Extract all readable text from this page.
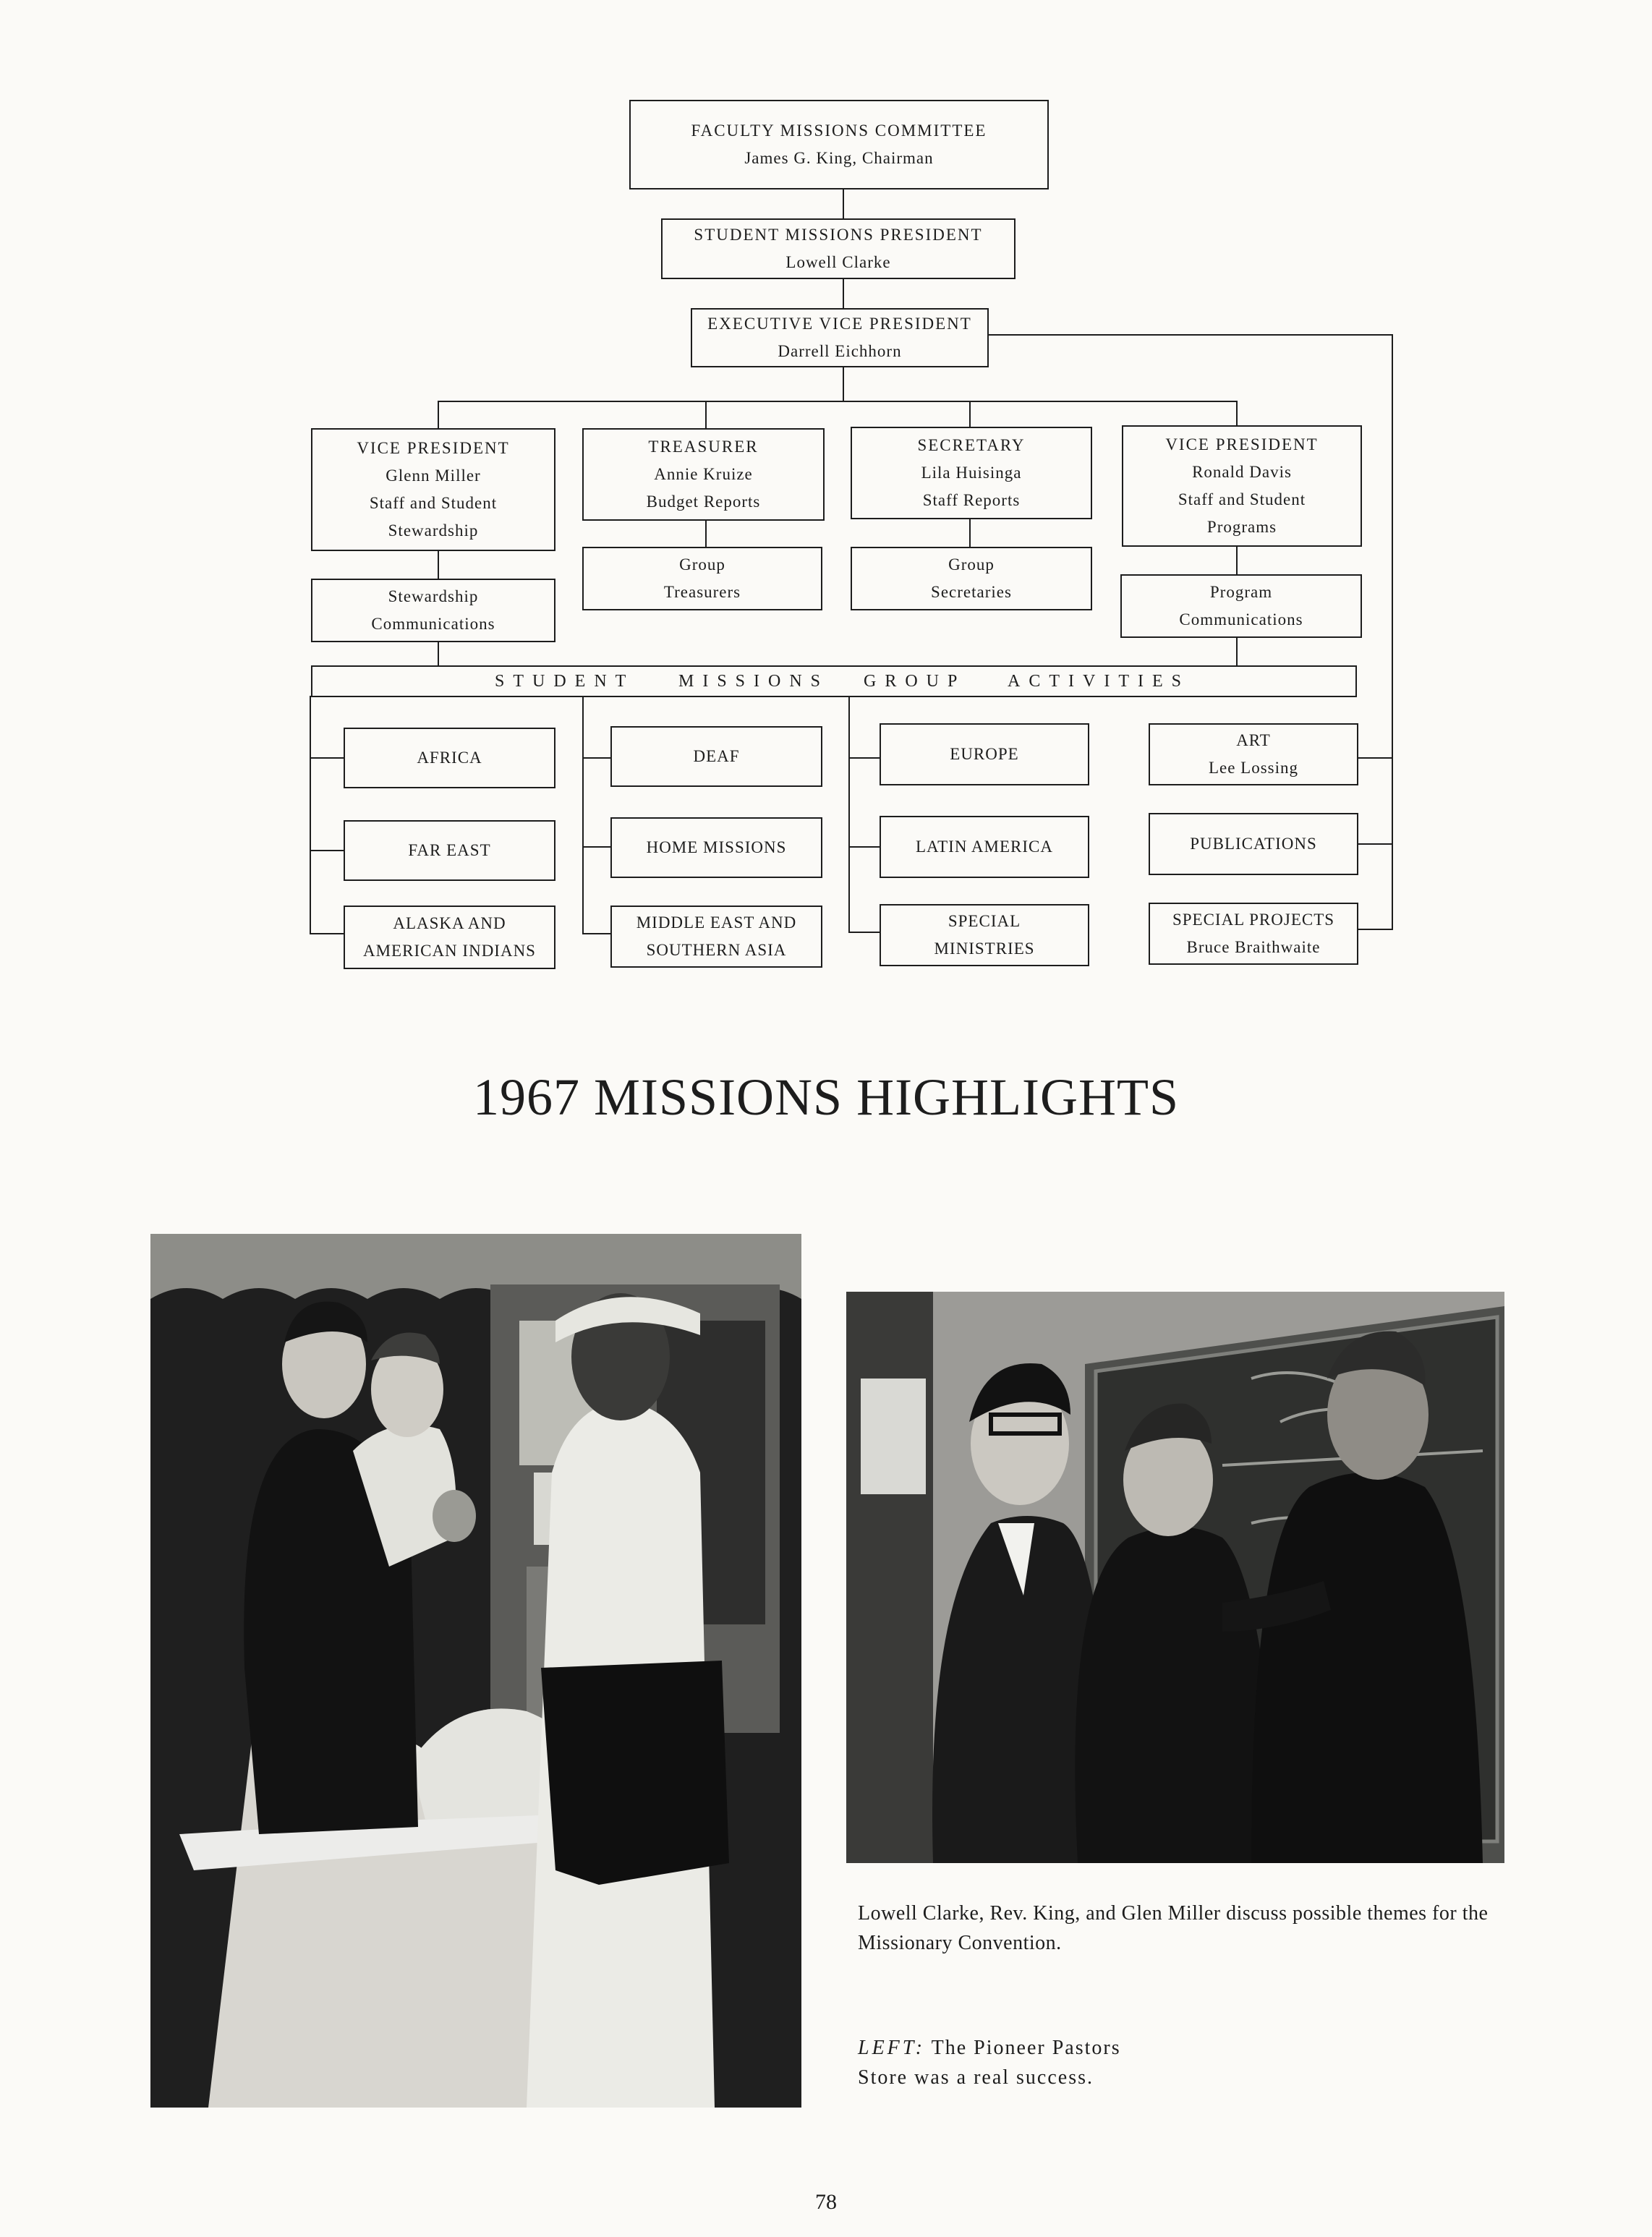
FACULTY MISSIONS COMMITTEE
James G. King, Chairman
STUDENT MISSIONS PRESIDENT
Lowell Clarke
EXECUTIVE VICE PRESIDENT
Darrell Eichhorn
VICE PRESIDENT
Glenn Miller
Staff and Student
Stewardship
TREASURER
Annie Kruize
Budget Reports
SECRETARY
Lila Huisinga
Staff Reports
VICE PRESIDENT
Ronald Davis
Staff and Student
Programs
Stewardship
Communications
Group
Treasurers
Group
Secretaries	Program
Communications
STUDENT	MISSIONS GROUP ACTIVITIES
AFRICA
FAR EAST
ALASKA AND
AMERICAN INDIANS
DEAF
HOME MISSIONS
MIDDLE EAST AND
SOUTHERN ASIA
EUROPE
LATIN AMERICA
SPECIAL
MINISTRIES
ART
Lee Lossing
PUBLICATIONS
SPECIAL PROJECTS
Bruce Braithwaite
1967 MISSIONS HIGHLIGHTS
Lowell Clarke, Rev. King, and Glen Miller discuss possible themes for the Missionary Convention.
LEFT: The Pioneer Pastors Store was a real success.
78
